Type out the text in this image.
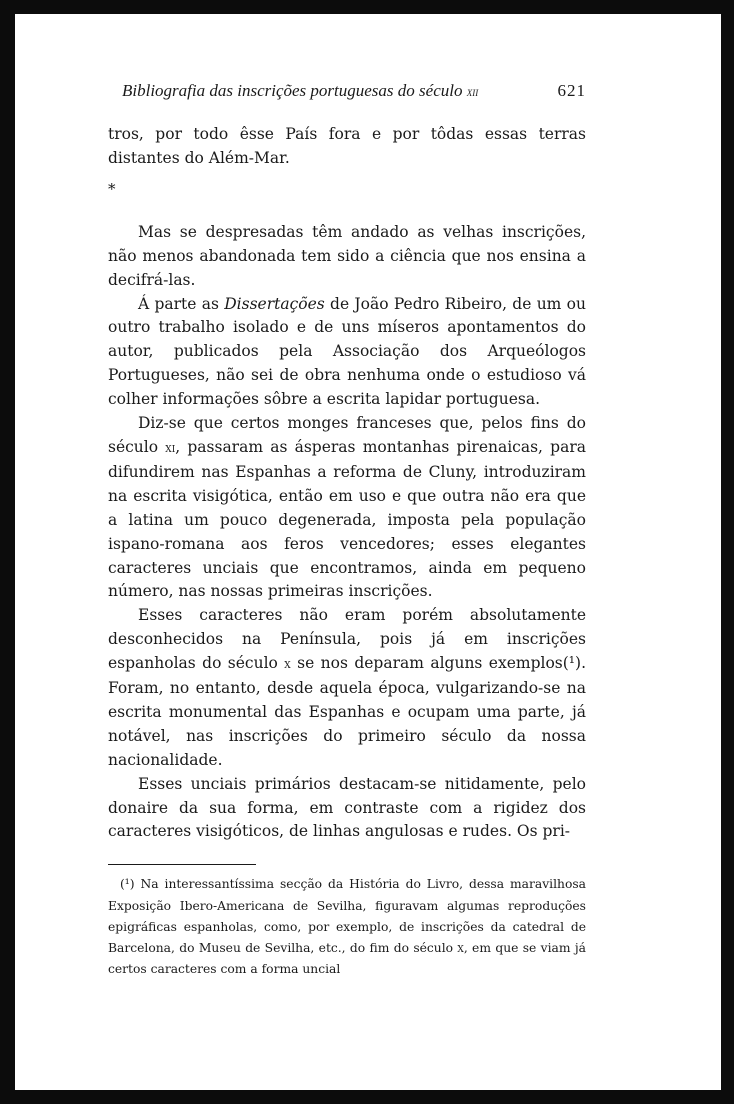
Bibliografia das inscrições portuguesas do século xii	621

tros, por todo êsse País fora e por tôdas essas terras distantes do Além-Mar.

*

Mas se despresadas têm andado as velhas inscrições, não menos abandonada tem sido a ciência que nos ensina a decifrá-las.

Á parte as Dissertações de João Pedro Ribeiro, de um ou outro trabalho isolado e de uns míseros apontamentos do autor, publicados pela Associação dos Arqueólogos Portugueses, não sei de obra nenhuma onde o estudioso vá colher informações sôbre a escrita lapidar portuguesa.

Diz-se que certos monges franceses que, pelos fins do século xi, passaram as ásperas montanhas pirenaicas, para difundirem nas Espanhas a reforma de Cluny, introduziram na escrita visigótica, então em uso e que outra não era que a latina um pouco degenerada, imposta pela população ispano-romana aos feros vencedores; esses elegantes caracteres unciais que encontramos, ainda em pequeno número, nas nossas primeiras inscrições.

Esses caracteres não eram porém absolutamente desconhecidos na Península, pois já em inscrições espanholas do século x se nos deparam alguns exemplos(¹). Foram, no entanto, desde aquela época, vulgarizando-se na escrita monumental das Espanhas e ocupam uma parte, já notável, nas inscrições do primeiro século da nossa nacionalidade.

Esses unciais primários destacam-se nitidamente, pelo donaire da sua forma, em contraste com a rigidez dos caracteres visigóticos, de linhas angulosas e rudes. Os pri-

(¹) Na interessantíssima secção da História do Livro, dessa maravilhosa Exposição Ibero-Americana de Sevilha, figuravam algumas reproduções epigráficas espanholas, como, por exemplo, de inscrições da catedral de Barcelona, do Museu de Sevilha, etc., do fim do século x, em que se viam já certos caracteres com a forma uncial
